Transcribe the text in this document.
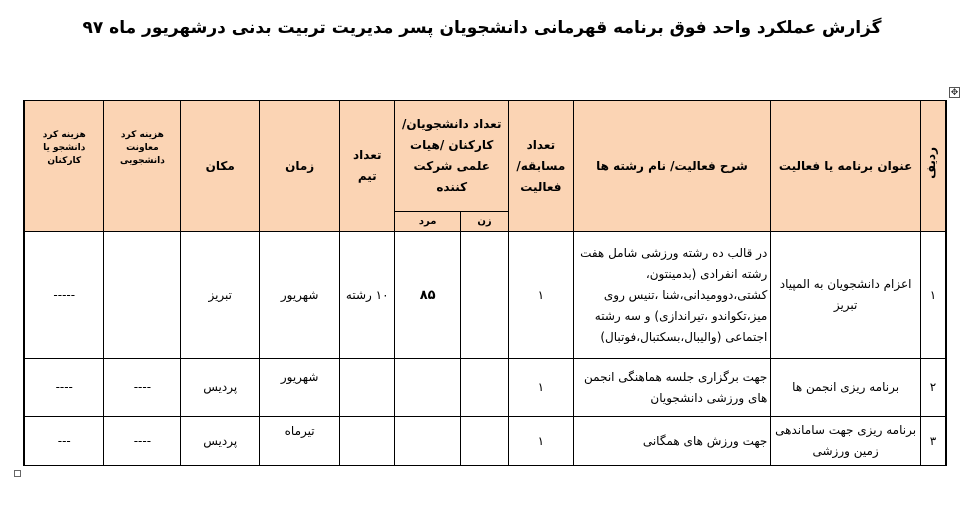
گزارش عملکرد واحد فوق برنامه قهرمانی دانشجویان پسر مدیریت تربیت بدنی درشهریور ماه ۹۷
✥
ردیف	عنوان برنامه یا فعالیت	شرح فعالیت/ نام رشته ها	تعداد مسابقه/ فعالیت	تعداد دانشجویان/ کارکنان /هیات علمی شرکت کننده		تعداد تیم	زمان	مکان	هزینه کرد معاونت دانشجویی	هزینه کرد دانشجو یا کارکنان
				زن	مرد					
۱	اعزام دانشجویان به المپیاد تبریز	در قالب ده رشته ورزشی شامل هفت رشته انفرادی (بدمینتون، کشتی،دوومیدانی،شنا ،تنیس روی میز،تکواندو ،تیراندازی) و سه رشته اجتماعی (والیبال،بسکتبال،فوتبال)	۱		۸۵	۱۰ رشته	شهریور	تبریز		-----
۲	برنامه ریزی انجمن ها	جهت برگزاری جلسه هماهنگی انجمن های ورزشی دانشجویان	۱				شهریور	پردیس	----	----
۳	برنامه ریزی جهت ساماندهی زمین ورزشی	جهت ورزش های همگانی	۱				تیرماه	پردیس	----	---
